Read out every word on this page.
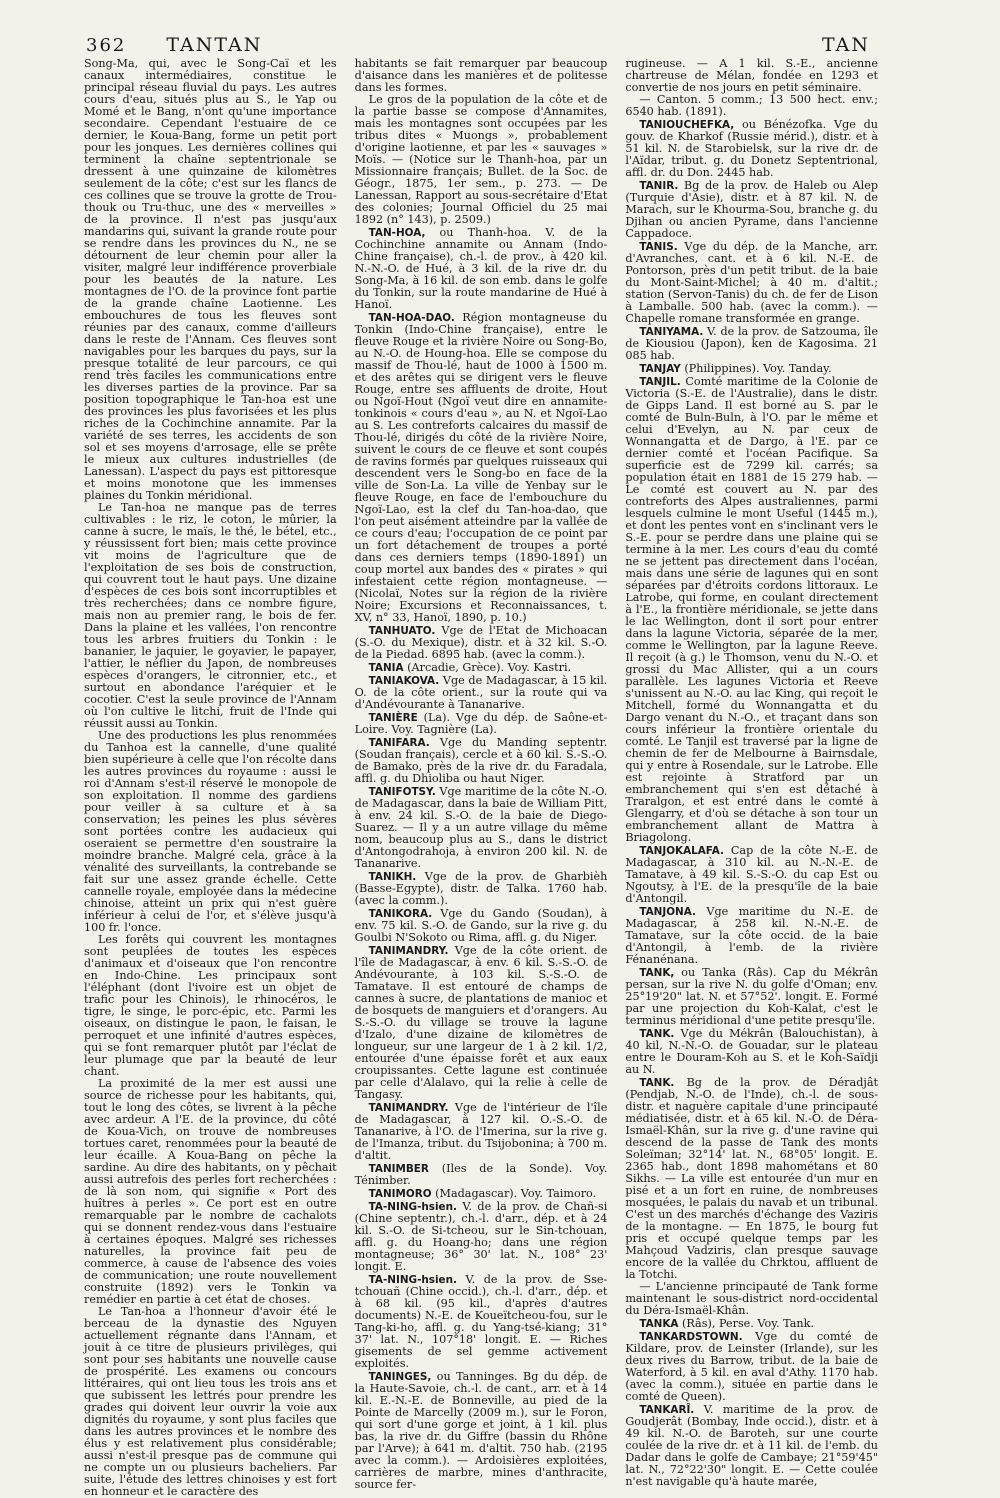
362 TAN TAN	TAN

Song-Ma, qui, avec le Song-Caï et les canaux intermédiaires, constitue le principal réseau fluvial du pays. Les autres cours d'eau, situés plus au S., le Yap ou Momé et le Bang, n'ont qu'une importance secondaire. Cependant l'estuaire de ce dernier, le Koua-Bang, forme un petit port pour les jonques. Les dernières collines qui terminent la chaîne septentrionale se dressent à une quinzaine de kilomètres seulement de la côte; c'est sur les flancs de ces collines que se trouve la grotte de Trou-thouk ou Tru-thuc, une des « merveilles » de la province. Il n'est pas jusqu'aux mandarins qui, suivant la grande route pour se rendre dans les provinces du N., ne se détournent de leur chemin pour aller la visiter, malgré leur indifférence proverbiale pour les beautés de la nature. Les montagnes de l'O. de la province font partie de la grande chaîne Laotienne. Les embouchures de tous les fleuves sont réunies par des canaux, comme d'ailleurs dans le reste de l'Annam. Ces fleuves sont navigables pour les barques du pays, sur la presque totalité de leur parcours, ce qui rend très faciles les communications entre les diverses parties de la province. Par sa position topographique le Tan-hoa est une des provinces les plus favorisées et les plus riches de la Cochinchine annamite. Par la variété de ses terres, les accidents de son sol et ses moyens d'arrosage, elle se prête le mieux aux cultures industrielles (de Lanessan). L'aspect du pays est pittoresque et moins monotone que les immenses plaines du Tonkin méridional.

Le Tan-hoa ne manque pas de terres cultivables : le riz, le coton, le mûrier, la canne à sucre, le maïs, le thé, le bétel, etc., y réussissent fort bien; mais cette province vit moins de l'agriculture que de l'exploitation de ses bois de construction, qui couvrent tout le haut pays. Une dizaine d'espèces de ces bois sont incorruptibles et très recherchées; dans ce nombre figure, mais non au premier rang, le bois de fer. Dans la plaine et les vallées, l'on rencontre tous les arbres fruitiers du Tonkin : le bananier, le jaquier, le goyavier, le papayer, l'attier, le néflier du Japon, de nombreuses espèces d'orangers, le citronnier, etc., et surtout en abondance l'aréquier et le cocotier. C'est la seule province de l'Annam où l'on cultive le litchi, fruit de l'Inde qui réussit aussi au Tonkin.

Une des productions les plus renommées du Tanhoa est la cannelle, d'une qualité bien supérieure à celle que l'on récolte dans les autres provinces du royaume : aussi le roi d'Annam s'est-il réservé le monopole de son exploitation. Il nomme des gardiens pour veiller à sa culture et à sa conservation; les peines les plus sévères sont portées contre les audacieux qui oseraient se permettre d'en soustraire la moindre branche. Malgré cela, grâce à la vénalité des surveillants, la contrebande se fait sur une assez grande échelle. Cette cannelle royale, employée dans la médecine chinoise, atteint un prix qui n'est guère inférieur à celui de l'or, et s'élève jusqu'à 100 fr. l'once.

Les forêts qui couvrent les montagnes sont peuplées de toutes les espèces d'animaux et d'oiseaux que l'on rencontre en Indo-Chine. Les principaux sont l'éléphant (dont l'ivoire est un objet de trafic pour les Chinois), le rhinocéros, le tigre, le singe, le porc-épic, etc. Parmi les oiseaux, on distingue le paon, le faisan, le perroquet et une infinité d'autres espèces, qui se font remarquer plutôt par l'éclat de leur plumage que par la beauté de leur chant.

La proximité de la mer est aussi une source de richesse pour les habitants, qui, tout le long des côtes, se livrent à la pêche avec ardeur. A l'E. de la province, du côté de Koua-Vich, on trouve de nombreuses tortues caret, renommées pour la beauté de leur écaille. A Koua-Bang on pêche la sardine. Au dire des habitants, on y pêchait aussi autrefois des perles fort recherchées : de là son nom, qui signifie « Port des huîtres à perles ». Ce port est en outre remarquable par le nombre de cachalots qui se donnent rendez-vous dans l'estuaire à certaines époques. Malgré ses richesses naturelles, la province fait peu de commerce, à cause de l'absence des voies de communication; une route nouvellement construite (1892) vers le Tonkin va remédier en partie à cet état de choses.

Le Tan-hoa a l'honneur d'avoir été le berceau de la dynastie des Nguyen actuellement régnante dans l'Annam, et jouit à ce titre de plusieurs privilèges, qui sont pour ses habitants une nouvelle cause de prospérité. Les examens ou concours littéraires, qui ont lieu tous les trois ans et que subissent les lettrés pour prendre les grades qui doivent leur ouvrir la voie aux dignités du royaume, y sont plus faciles que dans les autres provinces et le nombre des élus y est relativement plus considérable; aussi n'est-il presque pas de commune qui ne compte un ou plusieurs bacheliers. Par suite, l'étude des lettres chinoises y est fort en honneur et le caractère des

habitants se fait remarquer par beaucoup d'aisance dans les manières et de politesse dans les formes.

Le gros de la population de la côte et de la partie basse se compose d'Annamites, mais les montagnes sont occupées par les tribus dites « Muongs », probablement d'origine laotienne, et par les « sauvages » Moïs. — (Notice sur le Thanh-hoa, par un Missionnaire français; Bullet. de la Soc. de Géogr., 1875, 1er sem., p. 273. — De Lanessan, Rapport au sous-secrétaire d'Etat des colonies; Journal Officiel du 25 mai 1892 (n° 143), p. 2509.)

TAN-HOA, ou Thanh-hoa. V. de la Cochinchine annamite ou Annam (Indo-Chine française), ch.-l. de prov., à 420 kil. N.-N.-O. de Hué, à 3 kil. de la rive dr. du Song-Ma, à 16 kil. de son emb. dans le golfe du Tonkin, sur la route mandarine de Hué à Hanoï.

TAN-HOA-DAO. Région montagneuse du Tonkin (Indo-Chine française), entre le fleuve Rouge et la rivière Noire ou Song-Bo, au N.-O. de Houng-hoa. Elle se compose du massif de Thou-lé, haut de 1000 à 1500 m. et des arêtes qui se dirigent vers le fleuve Rouge, entre ses affluents de droite, Hout ou Ngoï-Hout (Ngoï veut dire en annamite-tonkinois « cours d'eau », au N. et Ngoï-Lao au S. Les contreforts calcaires du massif de Thou-lé, dirigés du côté de la rivière Noire, suivent le cours de ce fleuve et sont coupés de ravins formés par quelques ruisseaux qui descendent vers le Song-bo en face de la ville de Son-La. La ville de Yenbay sur le fleuve Rouge, en face de l'embouchure du Ngoï-Lao, est la clef du Tan-hoa-dao, que l'on peut aisément atteindre par la vallée de ce cours d'eau; l'occupation de ce point par un fort détachement de troupes a porté dans ces derniers temps (1890-1891) un coup mortel aux bandes des « pirates » qui infestaient cette région montagneuse. — (Nicolaï, Notes sur la région de la rivière Noire; Excursions et Reconnaissances, t. XV, n° 33, Hanoï, 1890, p. 10.)

TANHUATO. Vge de l'Etat de Michoacan (S.-O. du Mexique), distr. et à 32 kil. S.-O. de la Piedad. 6895 hab. (avec la comm.).

TANIA (Arcadie, Grèce). Voy. Kastri.

TANIAKOVA. Vge de Madagascar, à 15 kil. O. de la côte orient., sur la route qui va d'Andévourante à Tananarive.

TANIÈRE (La). Vge du dép. de Saône-et-Loire. Voy. Tagnière (La).

TANIFARA. Vge du Manding septentr. (Soudan français), cercle et à 60 kil. S.-S.-O. de Bamako, près de la rive dr. du Faradala, affl. g. du Dhioliba ou haut Niger.

TANIFOTSY. Vge maritime de la côte N.-O. de Madagascar, dans la baie de William Pitt, à env. 24 kil. S.-O. de la baie de Diego-Suarez. — Il y a un autre village du même nom, beaucoup plus au S., dans le district d'Antongodrahoja, à environ 200 kil. N. de Tananarive.

TANIKH. Vge de la prov. de Gharbièh (Basse-Egypte), distr. de Talka. 1760 hab. (avec la comm.).

TANIKORA. Vge du Gando (Soudan), à env. 75 kil. S.-O. de Gando, sur la rive g. du Goulbi N'Sokoto ou Rima, affl. g. du Niger.

TANIMANDRY. Vge de la côte orient. de l'île de Madagascar, à env. 6 kil. S.-S.-O. de Andévourante, à 103 kil. S.-S.-O. de Tamatave. Il est entouré de champs de cannes à sucre, de plantations de manioc et de bosquets de manguiers et d'orangers. Au S.-S.-O. du village se trouve la lagune d'Izalo, d'une dizaine de kilomètres de longueur, sur une largeur de 1 à 2 kil. 1/2, entourée d'une épaisse forêt et aux eaux croupissantes. Cette lagune est continuée par celle d'Alalavo, qui la relie à celle de Tangasy.

TANIMANDRY. Vge de l'intérieur de l'île de Madagascar, à 127 kil. O.-S.-O. de Tananarive, à l'O. de l'Imerina, sur la rive g. de l'Imanza, tribut. du Tsijobonina; à 700 m. d'altit.

TANIMBER (Iles de la Sonde). Voy. Ténimber.

TANIMORO (Madagascar). Voy. Taimoro.

TA-NING-hsien. V. de la prov. de Chañ-si (Chine septentr.), ch.-l. d'arr., dép. et à 24 kil. S.-O. de Si-tcheou, sur le Sin-tchouan, affl. g. du Hoang-ho; dans une région montagneuse; 36° 30' lat. N., 108° 23' longit. E.

TA-NING-hsien. V. de la prov. de Sse-tchouañ (Chine occid.), ch.-l. d'arr., dép. et à 68 kil. (95 kil., d'après d'autres documents) N.-E. de Koueïtcheou-fou, sur le Tang-ki-ho, affl. g. du Yang-tsé-kiang; 31° 37' lat. N., 107°18' longit. E. — Riches gisements de sel gemme activement exploités.

TANINGES, ou Tanninges. Bg du dép. de la Haute-Savoie, ch.-l. de cant., arr. et à 14 kil. E.-N.-E. de Bonneville, au pied de la Pointe de Marcelly (2009 m.), sur le Foron, qui sort d'une gorge et joint, à 1 kil. plus bas, la rive dr. du Giffre (bassin du Rhône par l'Arve); à 641 m. d'altit. 750 hab. (2195 avec la comm.). — Ardoisières exploitées, carrières de marbre, mines d'anthracite, source fer-

rugineuse. — A 1 kil. S.-E., ancienne chartreuse de Mélan, fondée en 1293 et convertie de nos jours en petit séminaire.

— Canton. 5 comm.; 13 500 hect. env.; 6540 hab. (1891).

TANIOUCHEFKA, ou Bénézofka. Vge du gouv. de Kharkof (Russie mérid.), distr. et à 51 kil. N. de Starobielsk, sur la rive dr. de l'Aïdar, tribut. g. du Donetz Septentrional, affl. dr. du Don. 2445 hab.

TANIR. Bg de la prov. de Haleb ou Alep (Turquie d'Asie), distr. et à 87 kil. N. de Marach, sur le Khourma-Sou, branche g. du Djihan ou ancien Pyrame, dans l'ancienne Cappadoce.

TANIS. Vge du dép. de la Manche, arr. d'Avranches, cant. et à 6 kil. N.-E. de Pontorson, près d'un petit tribut. de la baie du Mont-Saint-Michel; à 40 m. d'altit.; station (Servon-Tanis) du ch. de fer de Lison à Lamballe. 500 hab. (avec la comm.). — Chapelle romane transformée en grange.

TANIYAMA. V. de la prov. de Satzouma, île de Kiousiou (Japon), ken de Kagosima. 21 085 hab.

TANJAY (Philippines). Voy. Tanday.

TANJIL. Comté maritime de la Colonie de Victoria (S.-E. de l'Australie), dans le distr. de Gipps Land. Il est borné au S. par le comté de Buln-Buln, à l'O. par le même et celui d'Evelyn, au N. par ceux de Wonnangatta et de Dargo, à l'E. par ce dernier comté et l'océan Pacifique. Sa superficie est de 7299 kil. carrés; sa population était en 1881 de 15 279 hab. — Le comté est couvert au N. par des contreforts des Alpes australiennes, parmi lesquels culmine le mont Useful (1445 m.), et dont les pentes vont en s'inclinant vers le S.-E. pour se perdre dans une plaine qui se termine à la mer. Les cours d'eau du comté ne se jettent pas directement dans l'océan, mais dans une série de lagunes qui en sont séparées par d'étroits cordons littoraux. Le Latrobe, qui forme, en coulant directement à l'E., la frontière méridionale, se jette dans le lac Wellington, dont il sort pour entrer dans la lagune Victoria, séparée de la mer, comme le Wellington, par la lagune Reeve. Il reçoit (à g.) le Thomson, venu du N.-O. et grossi du Mac Allister, qui a un cours parallèle. Les lagunes Victoria et Reeve s'unissent au N.-O. au lac King, qui reçoit le Mitchell, formé du Wonnangatta et du Dargo venant du N.-O., et traçant dans son cours inférieur la frontière orientale du comté. Le Tanjil est traversé par la ligne de chemin de fer de Melbourne à Bairnsdale, qui y entre à Rosendale, sur le Latrobe. Elle est rejointe à Stratford par un embranchement qui s'en est détaché à Traralgon, et est entré dans le comté à Glengarry, et d'où se détache à son tour un embranchement allant de Mattra à Briagolong.

TANJOKALAFA. Cap de la côte N.-E. de Madagascar, à 310 kil. au N.-N.-E. de Tamatave, à 49 kil. S.-S.-O. du cap Est ou Ngoutsy, à l'E. de la presqu'île de la baie d'Antongil.

TANJONA. Vge maritime du N.-E. de Madagascar, à 258 kil. N.-N.-E. de Tamatave, sur la côte occid. de la baie d'Antongil, à l'emb. de la rivière Fénanénana.

TANK, ou Tanka (Râs). Cap du Mékrân persan, sur la rive N. du golfe d'Oman; env. 25°19'20" lat. N. et 57°52'. longit. E. Formé par une projection du Koh-Kalat, c'est le terminus méridional d'une petite presqu'île.

TANK. Vge du Mékrân (Balouchistan), à 40 kil, N.-N.-O. de Gouadar, sur le plateau entre le Douram-Koh au S. et le Koh-Saïdji au N.

TANK. Bg de la prov. de Déradjât (Pendjab, N.-O. de l'Inde), ch.-l. de sous-distr. et naguère capitale d'une principauté médiatisée, distr. et à 65 kil. N.-O. de Déra-Ismaël-Khân, sur la rive g. d'une ravine qui descend de la passe de Tank des monts Soleïman; 32°14' lat. N., 68°05' longit. E. 2365 hab., dont 1898 mahométans et 80 Sikhs. — La ville est entourée d'un mur en pisé et a un fort en ruine, de nombreuses mosquées, le palais du navab et un tribunal. C'est un des marchés d'échange des Vaziris de la montagne. — En 1875, le bourg fut pris et occupé quelque temps par les Mahçoud Vadziris, clan presque sauvage encore de la vallée du Chrktou, affluent de la Totchi.

— L'ancienne principauté de Tank forme maintenant le sous-district nord-occidental du Déra-Ismaël-Khân.

TANKA (Râs), Perse. Voy. Tank.

TANKARDSTOWN. Vge du comté de Kildare, prov. de Leinster (Irlande), sur les deux rives du Barrow, tribut. de la baie de Waterford, à 5 kil. en aval d'Athy. 1170 hab. (avec la comm.), située en partie dans le comté de Queen).

TANKARÎ. V. maritime de la prov. de Goudjerât (Bombay, Inde occid.), distr. et à 49 kil. N.-O. de Baroteh, sur une courte coulée de la rive dr. et à 11 kil. de l'emb. du Dadar dans le golfe de Cambaye; 21°59'45" lat. N., 72°22'30" longit. E. — Cette coulée n'est navigable qu'à haute marée,
